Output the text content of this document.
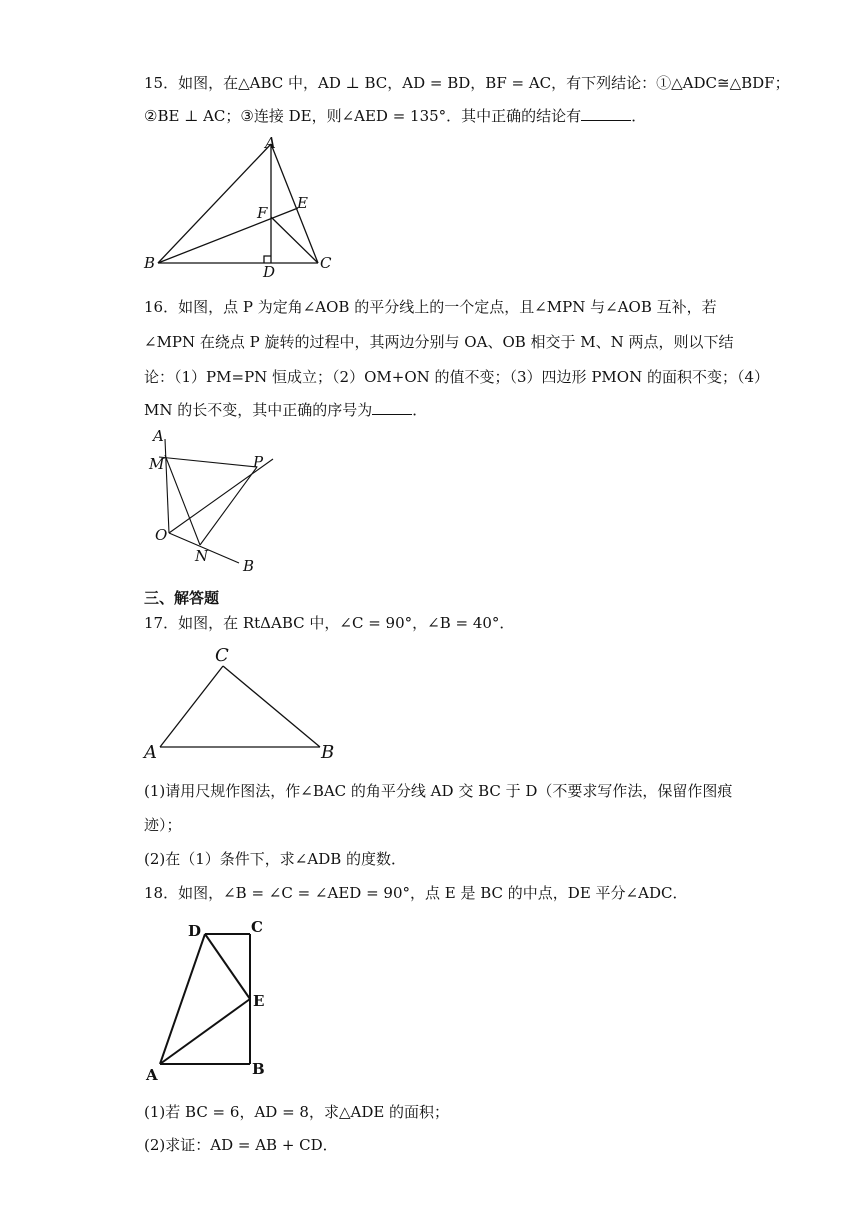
15．如图，在△ABC 中，AD ⊥ BC，AD = BD，BF = AC，有下列结论：①△ADC≅△BDF；
②BE ⊥ AC；③连接 DE，则∠AED = 135°．其中正确的结论有	．
A
B	C
D
E
F
16．如图，点 P 为定角∠AOB 的平分线上的一个定点，且∠MPN 与∠AOB 互补，若
∠MPN 在绕点 P 旋转的过程中，其两边分别与 OA、OB 相交于 M、N 两点，则以下结
论：（1）PM=PN 恒成立；（2）OM+ON 的值不变；（3）四边形 PMON 的面积不变；（4）
MN 的长不变，其中正确的序号为	．
A
M	P
O
N
B
三、解答题
17．如图，在 RtΔABC 中，∠C = 90°，∠B = 40°．
C
A	B
(1)请用尺规作图法，作∠BAC 的角平分线 AD 交 BC 于 D（不要求写作法，保留作图痕
迹）；
(2)在（1）条件下，求∠ADB 的度数．
18．如图，∠B = ∠C = ∠AED = 90°，点 E 是 BC 的中点，DE 平分∠ADC．
D	C
E
A	B
(1)若 BC = 6，AD = 8，求△ADE 的面积；
(2)求证：AD = AB + CD．
